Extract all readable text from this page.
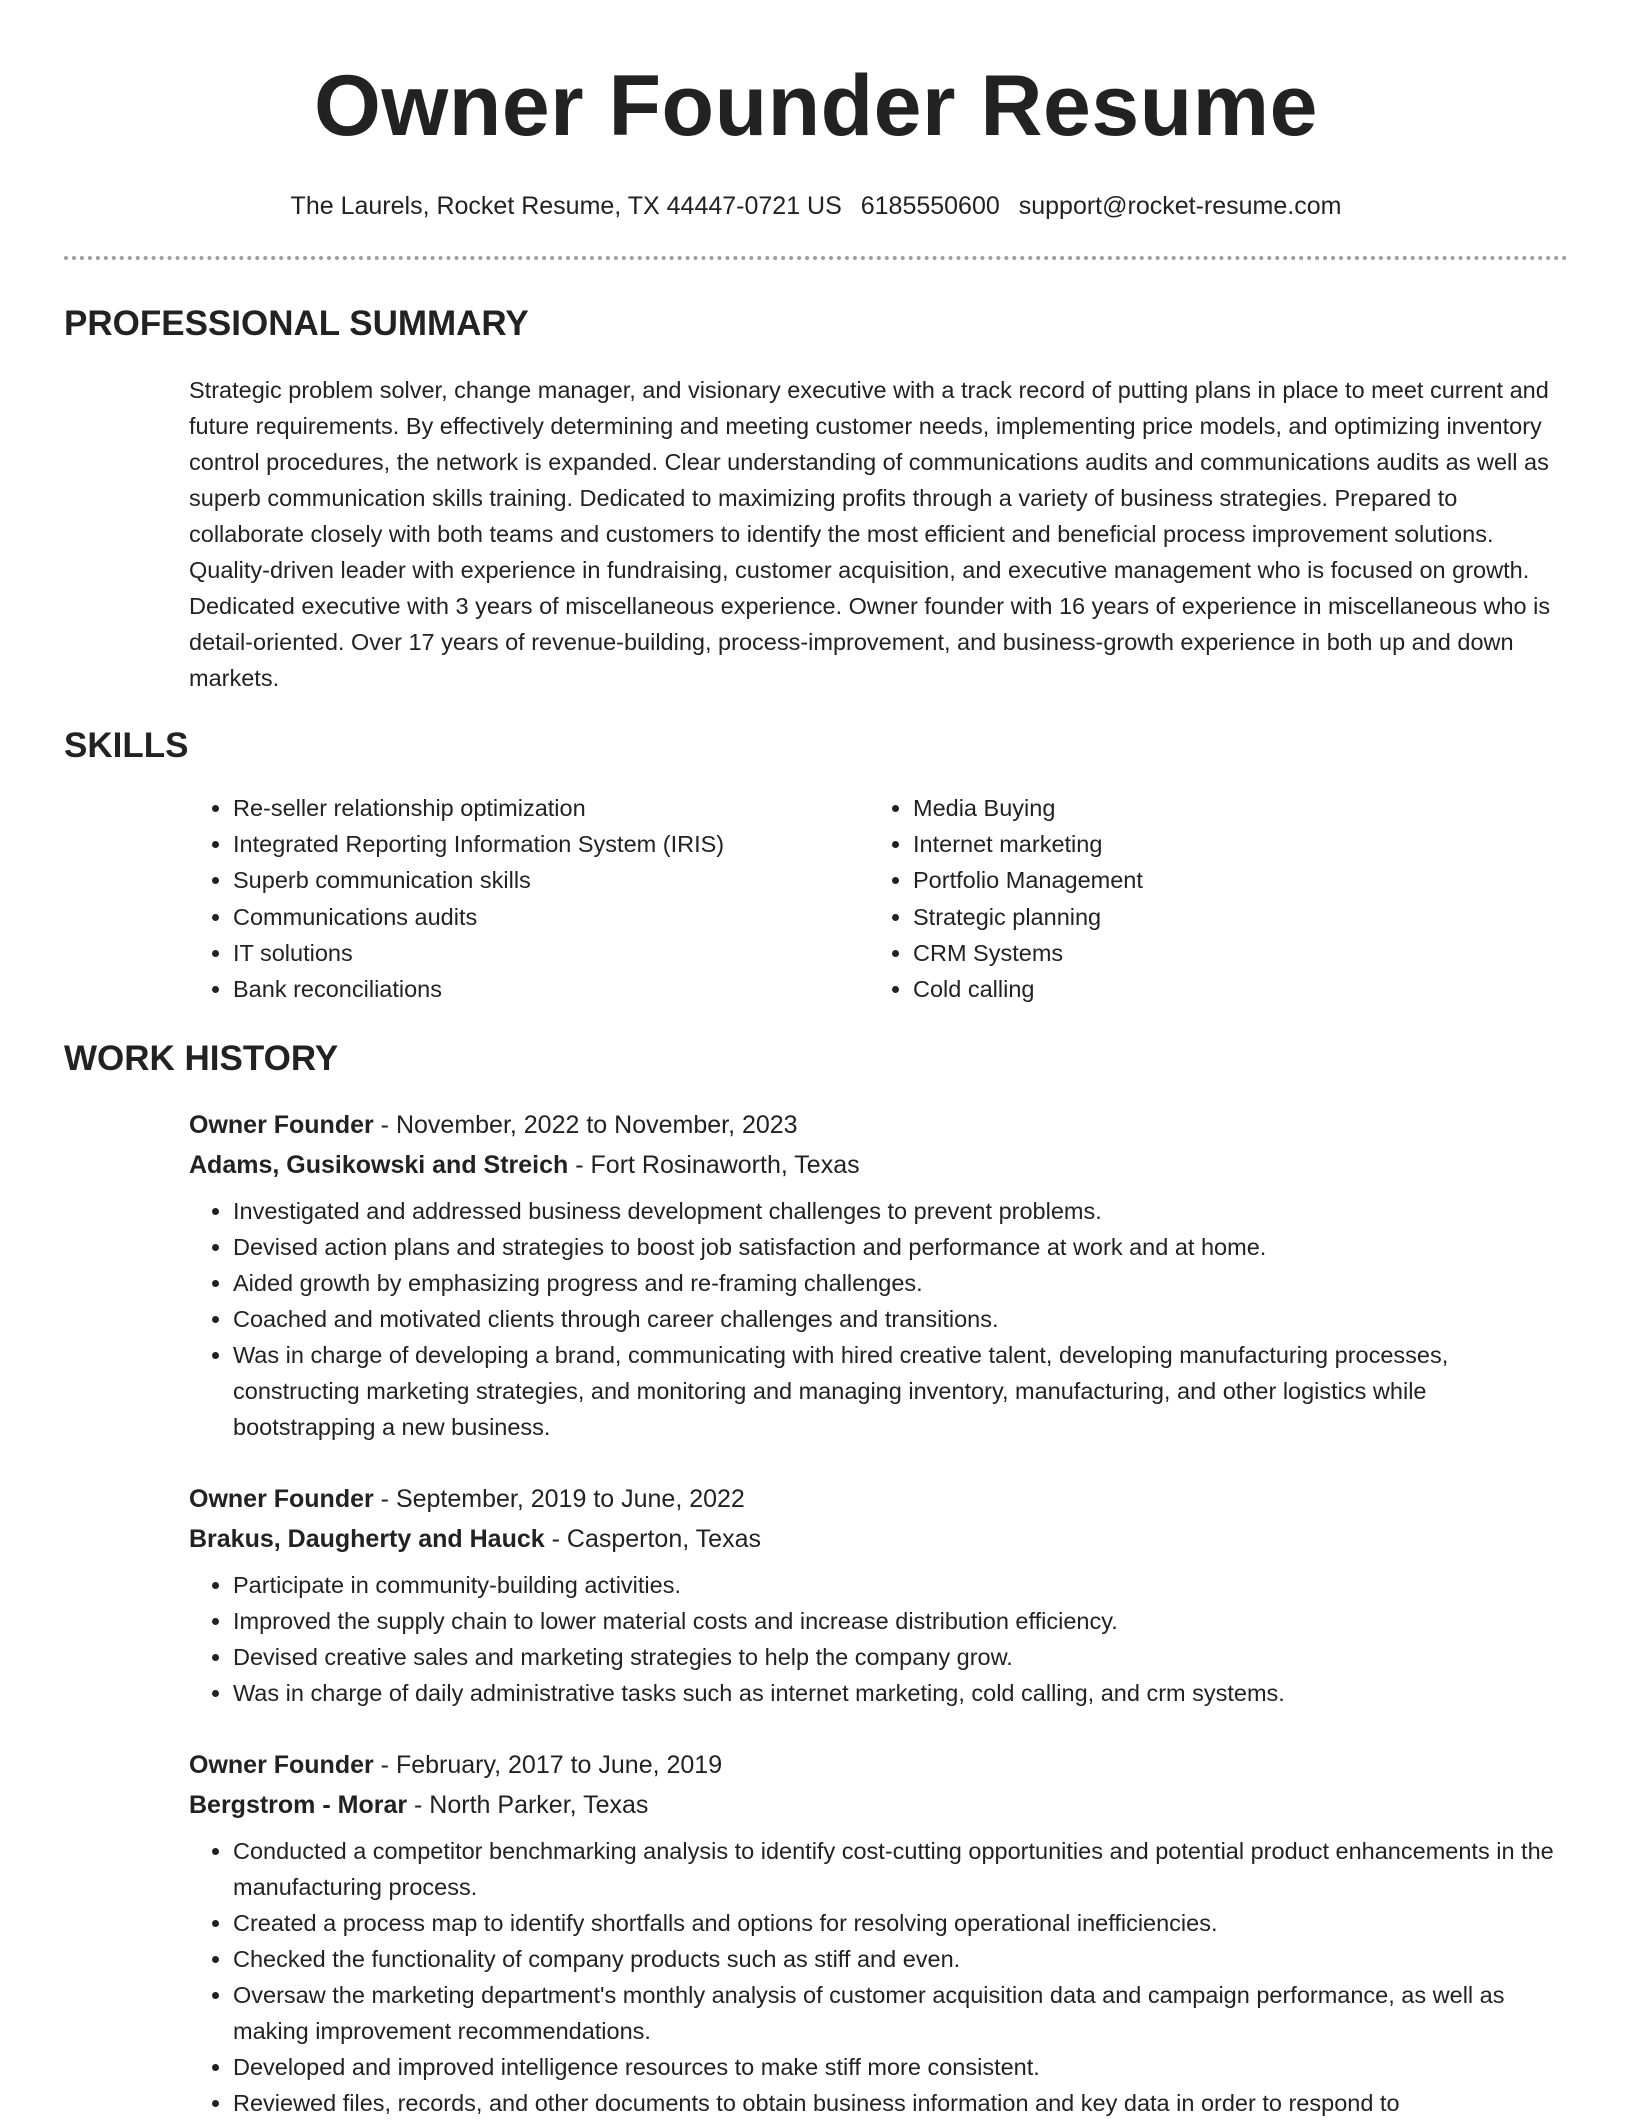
Owner Founder Resume
The Laurels, Rocket Resume, TX 44447-0721 US 6185550600 support@rocket-resume.com
PROFESSIONAL SUMMARY

Strategic problem solver, change manager, and visionary executive with a track record of putting plans in place to meet current and future requirements. By effectively determining and meeting customer needs, implementing price models, and optimizing inventory control procedures, the network is expanded. Clear understanding of communications audits and communications audits as well as superb communication skills training. Dedicated to maximizing profits through a variety of business strategies. Prepared to collaborate closely with both teams and customers to identify the most efficient and beneficial process improvement solutions. Quality-driven leader with experience in fundraising, customer acquisition, and executive management who is focused on growth. Dedicated executive with 3 years of miscellaneous experience. Owner founder with 16 years of experience in miscellaneous who is detail-oriented. Over 17 years of revenue-building, process-improvement, and business-growth experience in both up and down markets.

SKILLS
• Re-seller relationship optimization
• Integrated Reporting Information System (IRIS)
• Superb communication skills
• Communications audits
• IT solutions
• Bank reconciliations
• Media Buying
• Internet marketing
• Portfolio Management
• Strategic planning
• CRM Systems
• Cold calling
WORK HISTORY
Owner Founder - November, 2022 to November, 2023
Adams, Gusikowski and Streich - Fort Rosinaworth, Texas
• Investigated and addressed business development challenges to prevent problems.
• Devised action plans and strategies to boost job satisfaction and performance at work and at home.
• Aided growth by emphasizing progress and re-framing challenges.
• Coached and motivated clients through career challenges and transitions.
• Was in charge of developing a brand, communicating with hired creative talent, developing manufacturing processes, constructing marketing strategies, and monitoring and managing inventory, manufacturing, and other logistics while bootstrapping a new business.
Owner Founder - September, 2019 to June, 2022
Brakus, Daugherty and Hauck - Casperton, Texas
• Participate in community-building activities.
• Improved the supply chain to lower material costs and increase distribution efficiency.
• Devised creative sales and marketing strategies to help the company grow.
• Was in charge of daily administrative tasks such as internet marketing, cold calling, and crm systems.
Owner Founder - February, 2017 to June, 2019
Bergstrom - Morar - North Parker, Texas
• Conducted a competitor benchmarking analysis to identify cost-cutting opportunities and potential product enhancements in the manufacturing process.
• Created a process map to identify shortfalls and options for resolving operational inefficiencies.
• Checked the functionality of company products such as stiff and even.
• Oversaw the marketing department's monthly analysis of customer acquisition data and campaign performance, as well as making improvement recommendations.
• Developed and improved intelligence resources to make stiff more consistent.
• Reviewed files, records, and other documents to obtain business information and key data in order to respond to
